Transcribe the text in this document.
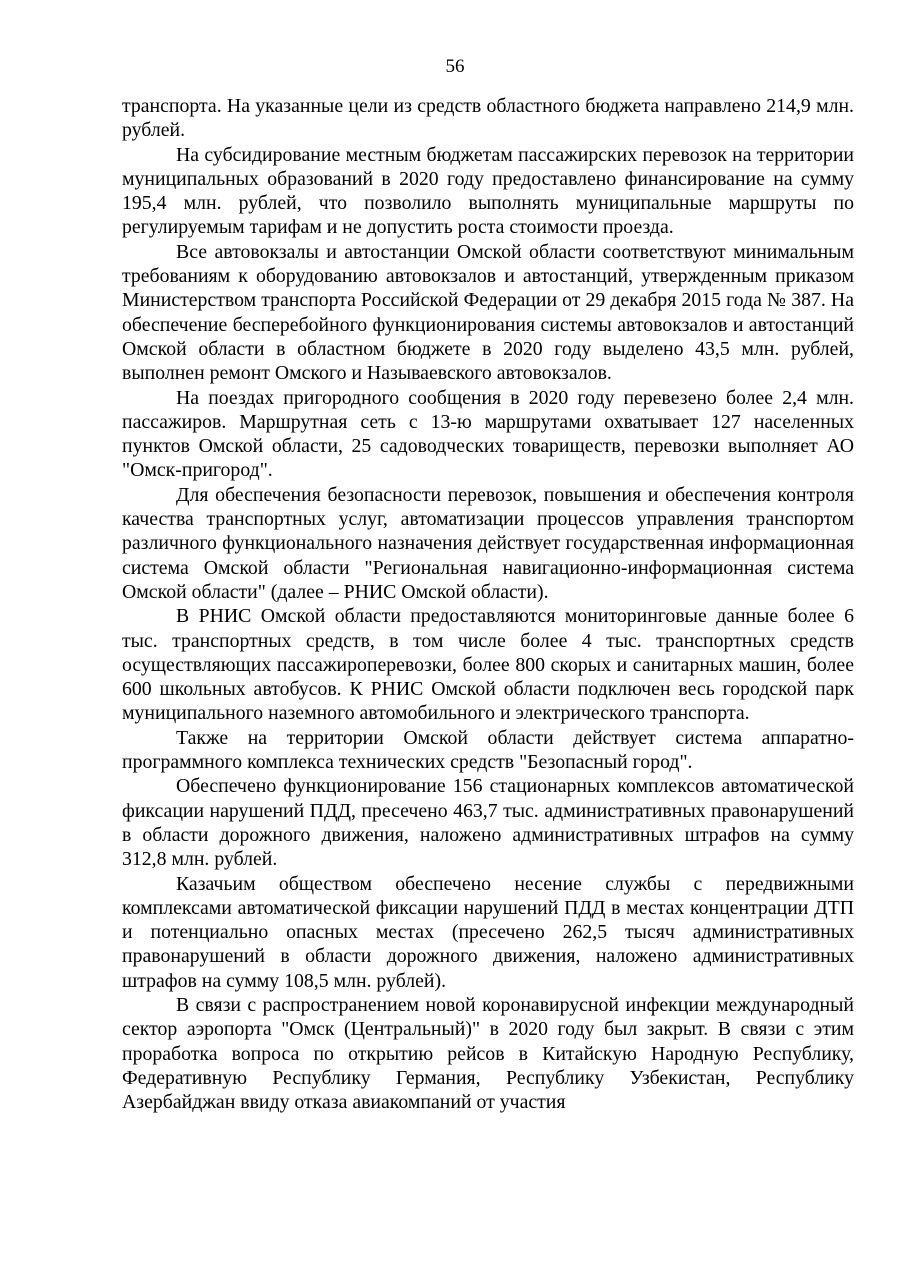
56

транспорта. На указанные цели из средств областного бюджета направлено 214,9 млн. рублей.

На субсидирование местным бюджетам пассажирских перевозок на территории муниципальных образований в 2020 году предоставлено финансирование на сумму 195,4 млн. рублей, что позволило выполнять муниципальные маршруты по регулируемым тарифам и не допустить роста стоимости проезда.

Все автовокзалы и автостанции Омской области соответствуют минимальным требованиям к оборудованию автовокзалов и автостанций, утвержденным приказом Министерством транспорта Российской Федерации от 29 декабря 2015 года № 387. На обеспечение бесперебойного функционирования системы автовокзалов и автостанций Омской области в областном бюджете в 2020 году выделено 43,5 млн. рублей, выполнен ремонт Омского и Называевского автовокзалов.

На поездах пригородного сообщения в 2020 году перевезено более 2,4 млн. пассажиров. Маршрутная сеть с 13-ю маршрутами охватывает 127 населенных пунктов Омской области, 25 садоводческих товариществ, перевозки выполняет АО "Омск-пригород".

Для обеспечения безопасности перевозок, повышения и обеспечения контроля качества транспортных услуг, автоматизации процессов управления транспортом различного функционального назначения действует государственная информационная система Омской области "Региональная навигационно-информационная система Омской области" (далее – РНИС Омской области).

В РНИС Омской области предоставляются мониторинговые данные более 6 тыс. транспортных средств, в том числе более 4 тыс. транспортных средств осуществляющих пассажироперевозки, более 800 скорых и санитарных машин, более 600 школьных автобусов. К РНИС Омской области подключен весь городской парк муниципального наземного автомобильного и электрического транспорта.

Также на территории Омской области действует система аппаратно-программного комплекса технических средств "Безопасный город".

Обеспечено функционирование 156 стационарных комплексов автоматической фиксации нарушений ПДД, пресечено 463,7 тыс. административных правонарушений в области дорожного движения, наложено административных штрафов на сумму 312,8 млн. рублей.

Казачьим обществом обеспечено несение службы с передвижными комплексами автоматической фиксации нарушений ПДД в местах концентрации ДТП и потенциально опасных местах (пресечено 262,5 тысяч административных правонарушений в области дорожного движения, наложено административных штрафов на сумму 108,5 млн. рублей).

В связи с распространением новой коронавирусной инфекции международный сектор аэропорта "Омск (Центральный)" в 2020 году был закрыт. В связи с этим проработка вопроса по открытию рейсов в Китайскую Народную Республику, Федеративную Республику Германия, Республику Узбекистан, Республику Азербайджан ввиду отказа авиакомпаний от участия
